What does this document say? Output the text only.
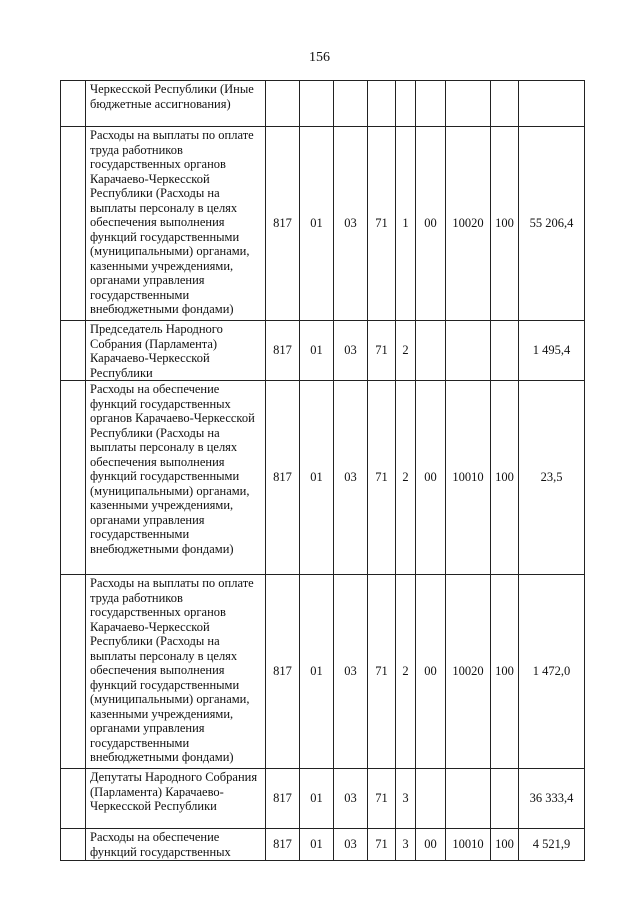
156

	Черкесской Республики (Иные бюджетные ассигнования)									

	Расходы на выплаты по оплате труда работников государственных органов Карачаево-Черкесской Республики (Расходы на выплаты персоналу в целях обеспечения выполнения функций государственными (муниципальными) органами, казенными учреждениями, органами управления государственными внебюджетными фондами)	817	01	03	71	1	00	10020	100	55 206,4

	Председатель Народного Собрания (Парламента) Карачаево-Черкесской Республики	817	01	03	71	2				1 495,4

	Расходы на обеспечение функций государственных органов Карачаево-Черкесской Республики (Расходы на выплаты персоналу в целях обеспечения выполнения функций государственными (муниципальными) органами, казенными учреждениями, органами управления государственными внебюджетными фондами)	817	01	03	71	2	00	10010	100	23,5

	Расходы на выплаты по оплате труда работников государственных органов Карачаево-Черкесской Республики (Расходы на выплаты персоналу в целях обеспечения выполнения функций государственными (муниципальными) органами, казенными учреждениями, органами управления государственными внебюджетными фондами)	817	01	03	71	2	00	10020	100	1 472,0

	Депутаты Народного Собрания (Парламента) Карачаево-Черкесской Республики	817	01	03	71	3				36 333,4

	Расходы на обеспечение функций государственных	817	01	03	71	3	00	10010	100	4 521,9
